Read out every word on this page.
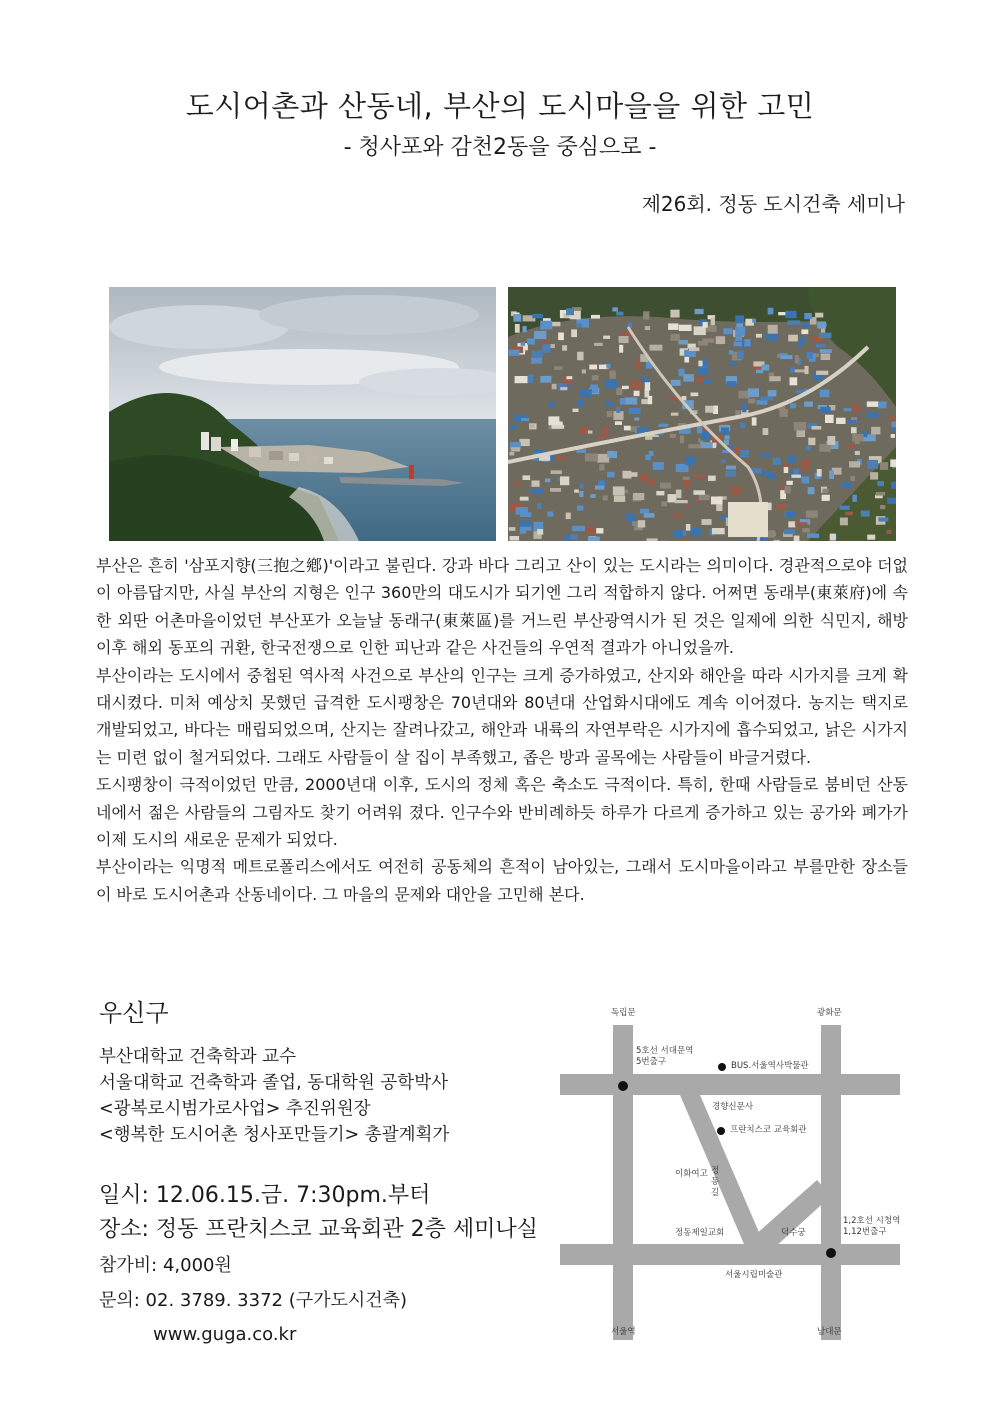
도시어촌과 산동네, 부산의 도시마을을 위한 고민
- 청사포와 감천2동을 중심으로 -
제26회. 정동 도시건축 세미나

부산은 흔히 '삼포지향(三抱之鄕)'이라고 불린다. 강과 바다 그리고 산이 있는 도시라는 의미이다. 경관적으로야 더없이 아름답지만, 사실 부산의 지형은 인구 360만의 대도시가 되기엔 그리 적합하지 않다. 어쩌면 동래부(東萊府)에 속한 외딴 어촌마을이었던 부산포가 오늘날 동래구(東萊區)를 거느린 부산광역시가 된 것은 일제에 의한 식민지, 해방 이후 해외 동포의 귀환, 한국전쟁으로 인한 피난과 같은 사건들의 우연적 결과가 아니었을까.

부산이라는 도시에서 중첩된 역사적 사건으로 부산의 인구는 크게 증가하였고, 산지와 해안을 따라 시가지를 크게 확대시켰다. 미처 예상치 못했던 급격한 도시팽창은 70년대와 80년대 산업화시대에도 계속 이어졌다. 농지는 택지로 개발되었고, 바다는 매립되었으며, 산지는 잘려나갔고, 해안과 내륙의 자연부락은 시가지에 흡수되었고, 낡은 시가지는 미련 없이 철거되었다. 그래도 사람들이 살 집이 부족했고, 좁은 방과 골목에는 사람들이 바글거렸다.

도시팽창이 극적이었던 만큼, 2000년대 이후, 도시의 정체 혹은 축소도 극적이다. 특히, 한때 사람들로 붐비던 산동네에서 젊은 사람들의 그림자도 찾기 어려워 졌다. 인구수와 반비례하듯 하루가 다르게 증가하고 있는 공가와 폐가가 이제 도시의 새로운 문제가 되었다.

부산이라는 익명적 메트로폴리스에서도 여전히 공동체의 흔적이 남아있는, 그래서 도시마을이라고 부를만한 장소들이 바로 도시어촌과 산동네이다. 그 마을의 문제와 대안을 고민해 본다.

우신구
부산대학교 건축학과 교수
서울대학교 건축학과 졸업, 동대학원 공학박사
<광복로시범가로사업> 추진위원장
<행복한 도시어촌 청사포만들기> 총괄계획가
일시: 12.06.15.금. 7:30pm.부터
장소: 정동 프란치스코 교육회관 2층 세미나실
참가비: 4,000원
문의: 02. 3789. 3372 (구가도시건축)
www.guga.co.kr
독립문	광화문
5호선 서대문역
5번출구	BUS.서울역사박물관
경향신문사
프란치스코 교육회관
이화여고 정동길
정동제일교회	덕수궁
1,2호선 시청역
1,12번출구
서울시립미술관
서울역	남대문
